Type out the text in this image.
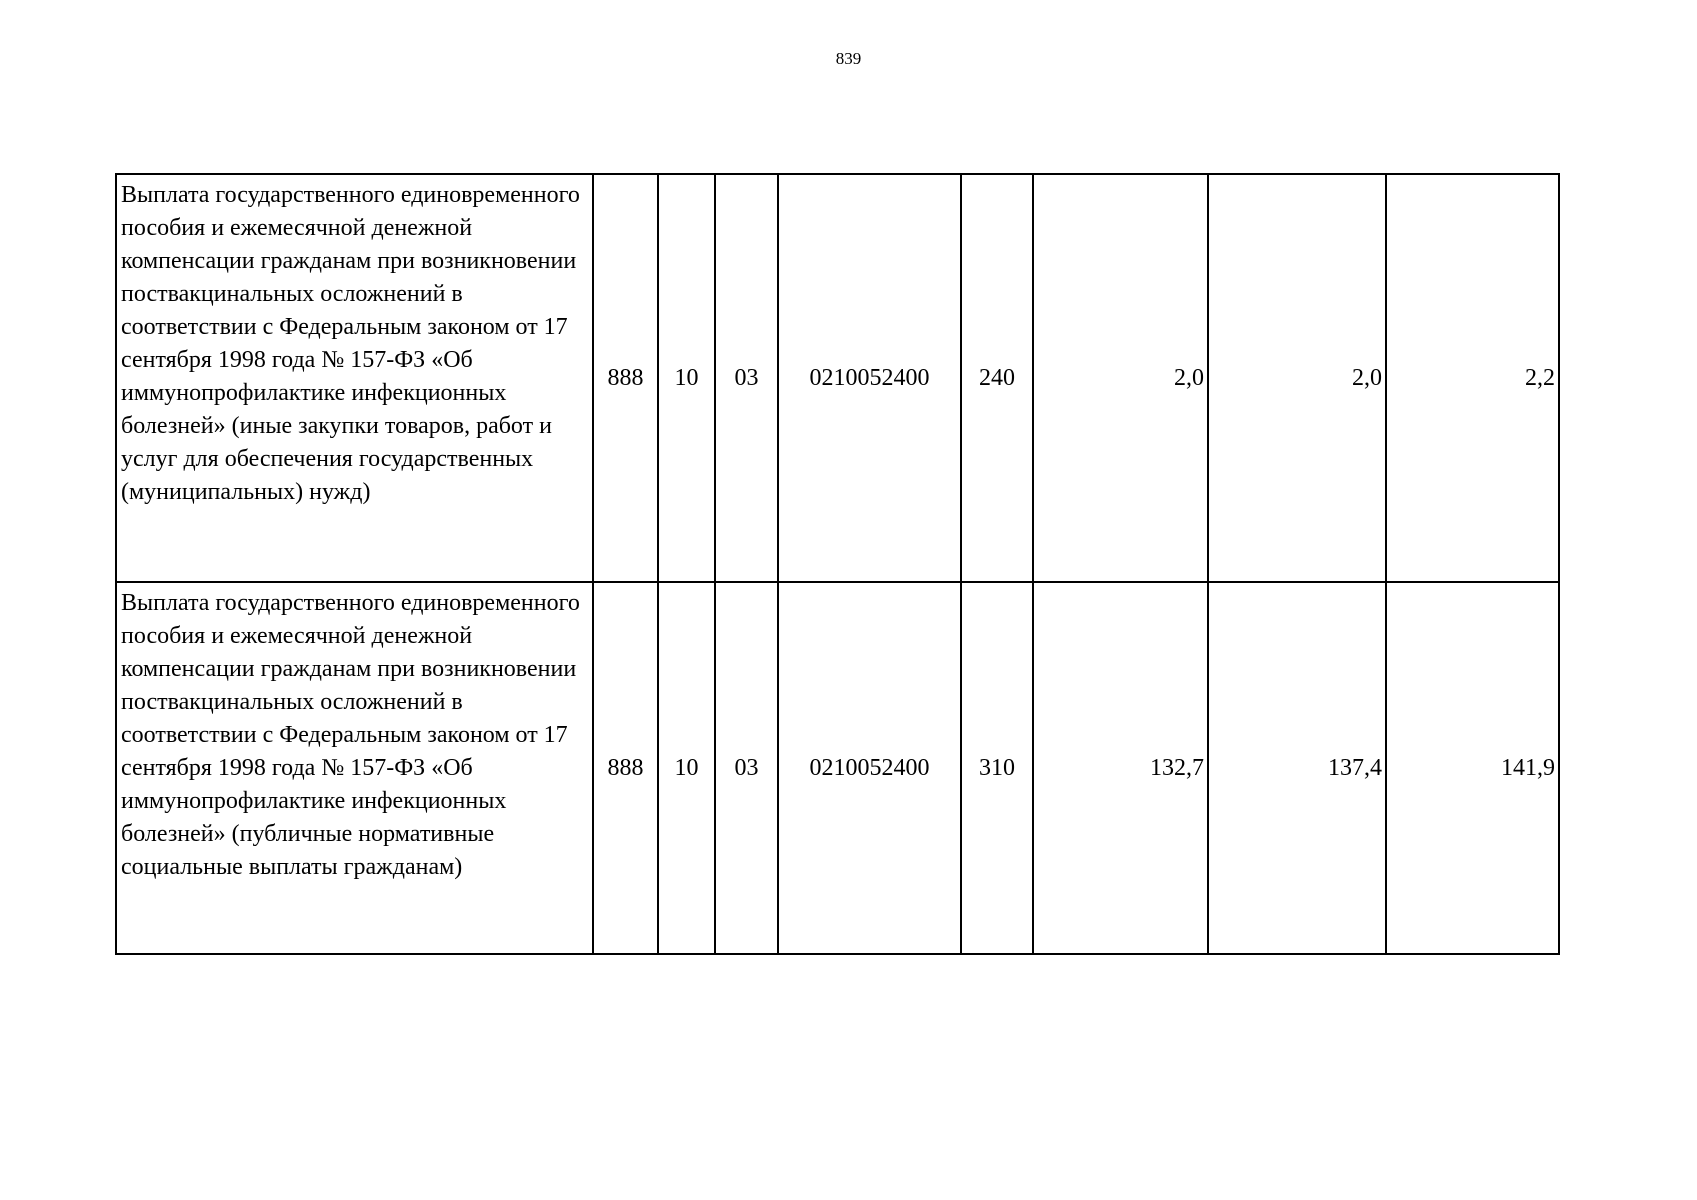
839
Выплата государственного единовременного пособия и ежемесячной денежной компенсации гражданам при возникновении поствакцинальных осложнений в соответствии с Федеральным законом от 17 сентября 1998 года № 157-ФЗ «Об иммунопрофилактике инфекционных болезней» (иные закупки товаров, работ и услуг для обеспечения государственных (муниципальных) нужд)	888	10	03	0210052400	240	2,0	2,0	2,2
Выплата государственного единовременного пособия и ежемесячной денежной компенсации гражданам при возникновении поствакцинальных осложнений в соответствии с Федеральным законом от 17 сентября 1998 года № 157-ФЗ «Об иммунопрофилактике инфекционных болезней» (публичные нормативные социальные выплаты гражданам)	888	10	03	0210052400	310	132,7	137,4	141,9
